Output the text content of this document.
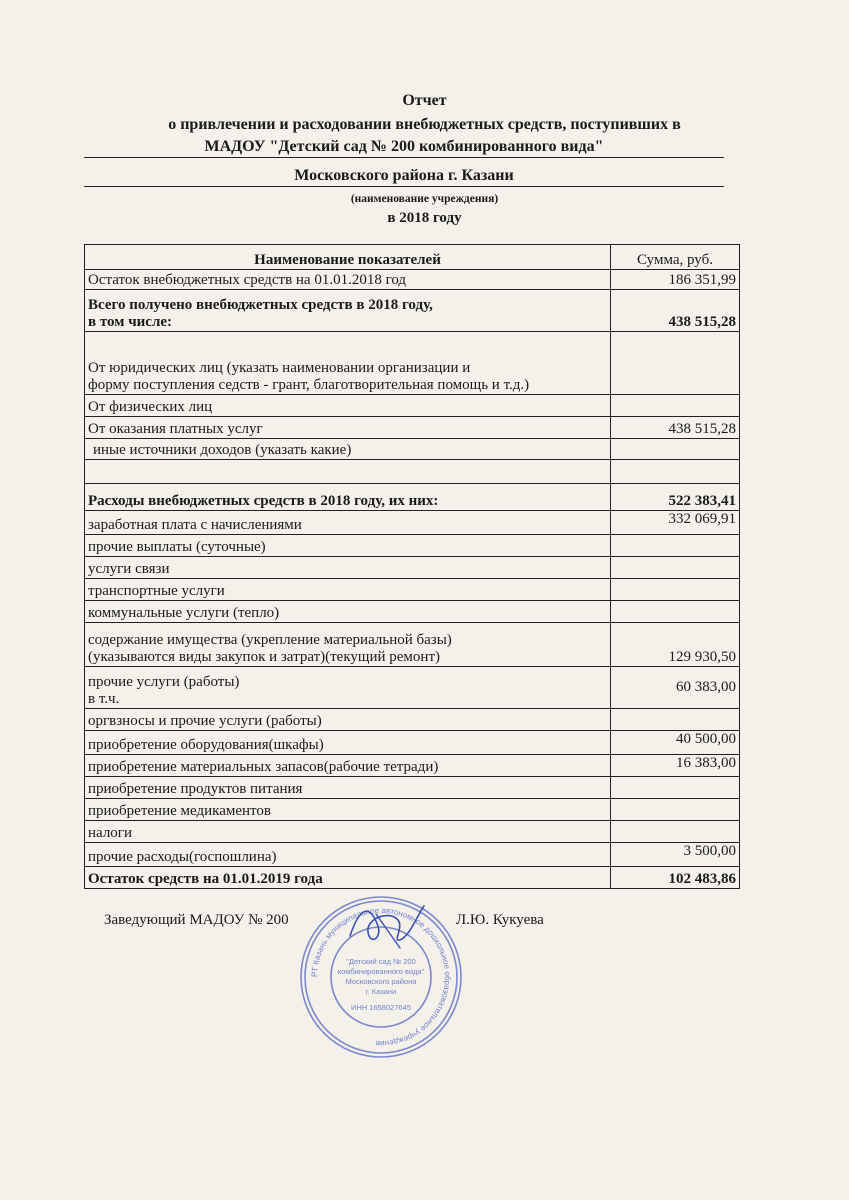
Отчет
о привлечении и расходовании внебюджетных средств, поступивших в
МАДОУ "Детский сад № 200 комбинированного вида"
Московского района г. Казани
(наименование учреждения)
в 2018 году
Наименование показателей	Сумма, руб.
Остаток внебюджетных средств на 01.01.2018 год	186 351,99

Всего получено внебюджетных средств в 2018 году,
в том числе:	438 515,28

От юридических лиц (указать наименовании организации и
форму поступления седств - грант, благотворительная помощь и т.д.)	

От физических лиц	
От оказания платных услуг	438 515,28
иные источники доходов (указать какие)	

Расходы внебюджетных средств в 2018 году, их них:	522 383,41
заработная плата с начислениями	332 069,91
прочие выплаты (суточные)	
услуги связи	
транспортные услуги	
коммунальные услуги (тепло)	

содержание имущества (укрепление материальной базы)
(указываются виды закупок и затрат)(текущий ремонт)	129 930,50

прочие услуги (работы)
в т.ч.	60 383,00
оргвзносы и прочие услуги (работы)	
приобретение оборудования(шкафы)	40 500,00
приобретение материальных запасов(рабочие тетради)	16 383,00
приобретение продуктов питания	
приобретение медикаментов	
налоги	
прочие расходы(госпошлина)	3 500,00
Остаток средств на 01.01.2019 года	102 483,86
Заведующий МАДОУ № 200	Л.Ю. Кукуева
РТ Казань муниципальное автономное дошкольное образовательное учреждение
"Детский сад № 200
комбинированного вида"
Московского района
г. Казани
ИНН 1658027645
